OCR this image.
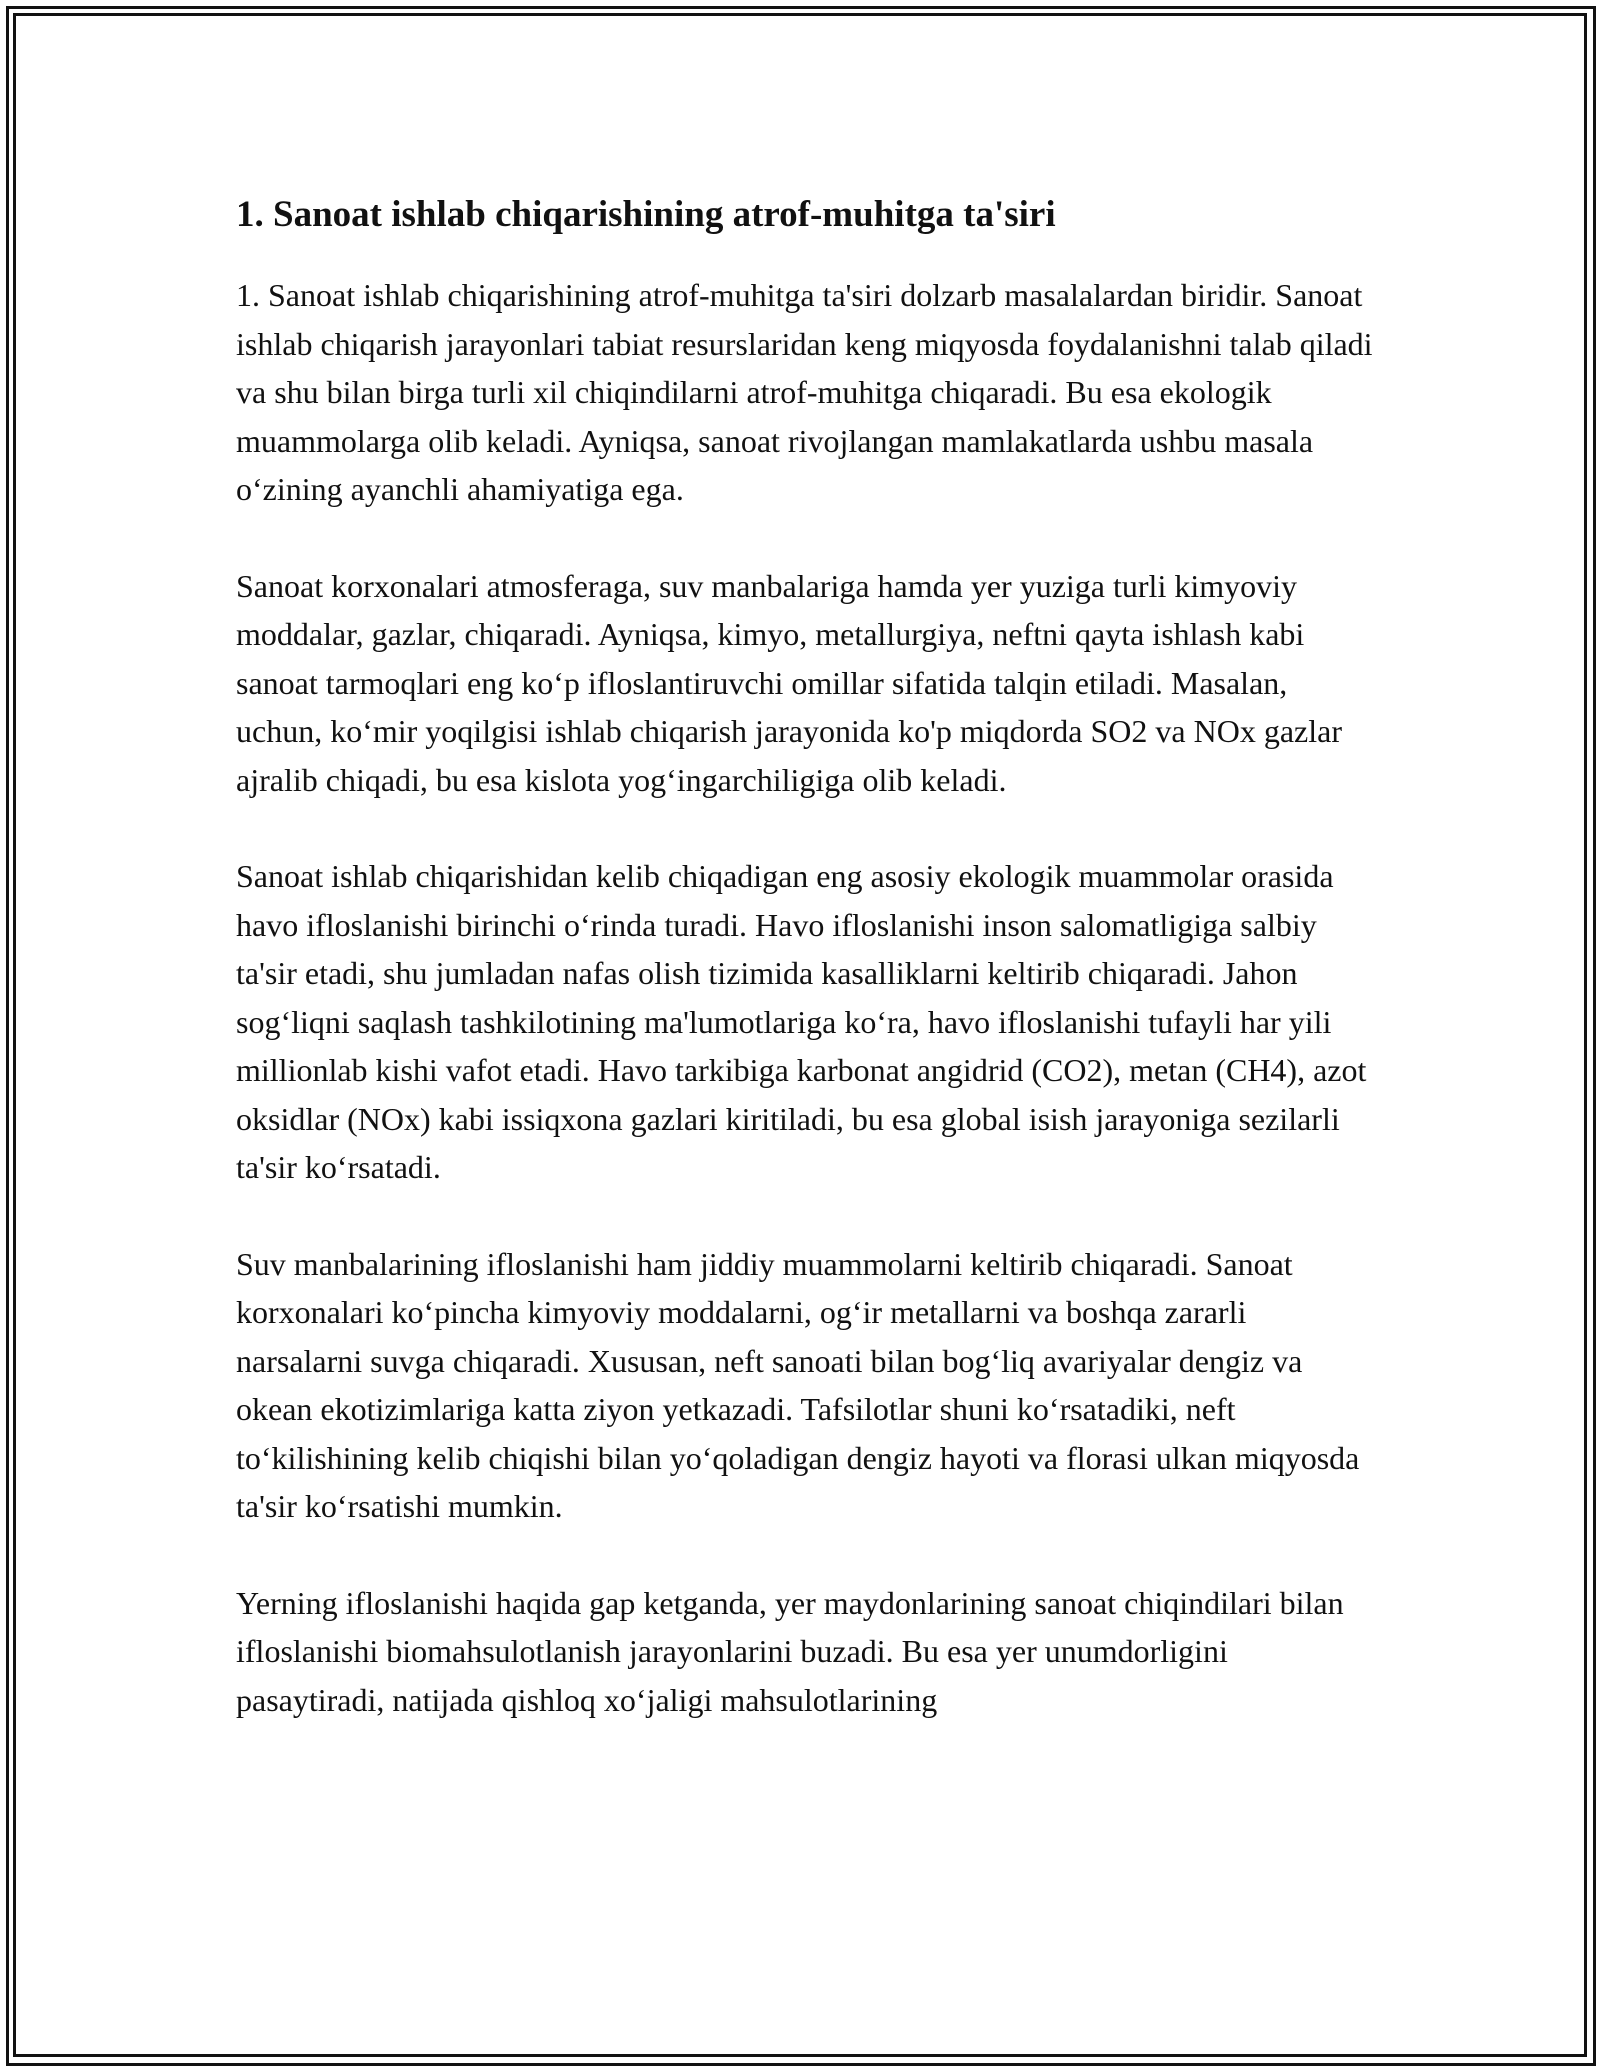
1. Sanoat ishlab chiqarishining atrof-muhitga ta'siri

1. Sanoat ishlab chiqarishining atrof-muhitga ta'siri dolzarb masalalardan biridir. Sanoat ishlab chiqarish jarayonlari tabiat resurslaridan keng miqyosda foydalanishni talab qiladi va shu bilan birga turli xil chiqindilarni atrof-muhitga chiqaradi. Bu esa ekologik muammolarga olib keladi. Ayniqsa, sanoat rivojlangan mamlakatlarda ushbu masala o‘zining ayanchli ahamiyatiga ega.

Sanoat korxonalari atmosferaga, suv manbalariga hamda yer yuziga turli kimyoviy moddalar, gazlar, chiqaradi. Ayniqsa, kimyo, metallurgiya, neftni qayta ishlash kabi sanoat tarmoqlari eng ko‘p ifloslantiruvchi omillar sifatida talqin etiladi. Masalan, uchun, ko‘mir yoqilgisi ishlab chiqarish jarayonida ko'p miqdorda SO2 va NOx gazlar ajralib chiqadi, bu esa kislota yog‘ingarchiligiga olib keladi.

Sanoat ishlab chiqarishidan kelib chiqadigan eng asosiy ekologik muammolar orasida havo ifloslanishi birinchi o‘rinda turadi. Havo ifloslanishi inson salomatligiga salbiy ta'sir etadi, shu jumladan nafas olish tizimida kasalliklarni keltirib chiqaradi. Jahon sog‘liqni saqlash tashkilotining ma'lumotlariga ko‘ra, havo ifloslanishi tufayli har yili millionlab kishi vafot etadi. Havo tarkibiga karbonat angidrid (CO2), metan (CH4), azot oksidlar (NOx) kabi issiqxona gazlari kiritiladi, bu esa global isish jarayoniga sezilarli ta'sir ko‘rsatadi.

Suv manbalarining ifloslanishi ham jiddiy muammolarni keltirib chiqaradi. Sanoat korxonalari ko‘pincha kimyoviy moddalarni, og‘ir metallarni va boshqa zararli narsalarni suvga chiqaradi. Xususan, neft sanoati bilan bog‘liq avariyalar dengiz va okean ekotizimlariga katta ziyon yetkazadi. Tafsilotlar shuni ko‘rsatadiki, neft to‘kilishining kelib chiqishi bilan yo‘qoladigan dengiz hayoti va florasi ulkan miqyosda ta'sir ko‘rsatishi mumkin.

Yerning ifloslanishi haqida gap ketganda, yer maydonlarining sanoat chiqindilari bilan ifloslanishi biomahsulotlanish jarayonlarini buzadi. Bu esa yer unumdorligini pasaytiradi, natijada qishloq xo‘jaligi mahsulotlarining
